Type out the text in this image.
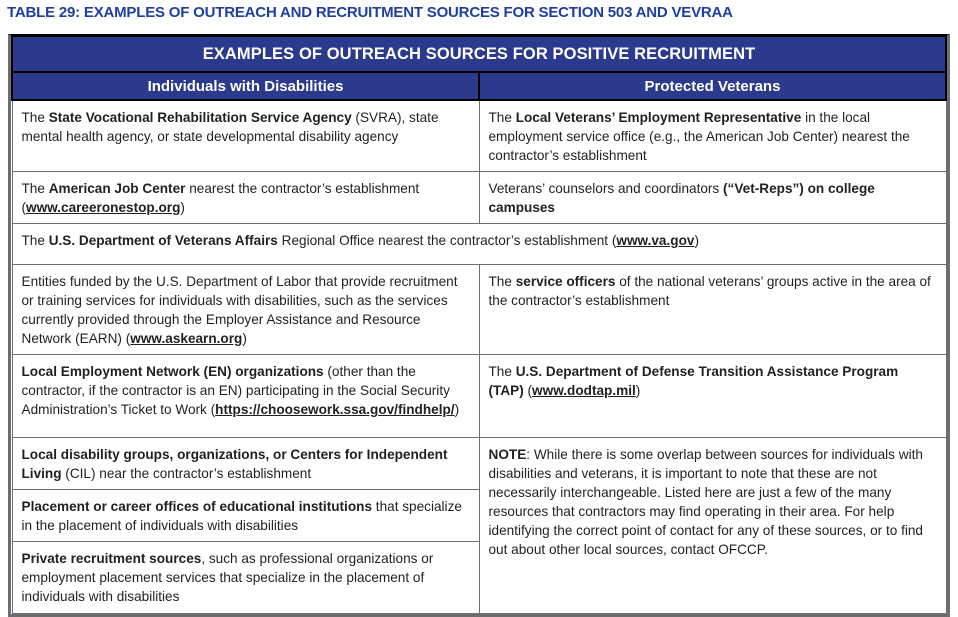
TABLE 29: EXAMPLES OF OUTREACH AND RECRUITMENT SOURCES FOR SECTION 503 AND VEVRAA
EXAMPLES OF OUTREACH SOURCES FOR POSITIVE RECRUITMENT	
Individuals with Disabilities	Protected Veterans
The State Vocational Rehabilitation Service Agency (SVRA), state mental health agency, or state developmental disability agency	The Local Veterans’ Employment Representative in the local employment service office (e.g., the American Job Center) nearest the contractor’s establishment
The American Job Center nearest the contractor’s establishment (www.careeronestop.org)	Veterans’ counselors and coordinators (“Vet-Reps”) on college campuses
The U.S. Department of Veterans Affairs Regional Office nearest the contractor’s establishment (www.va.gov)	
Entities funded by the U.S. Department of Labor that provide recruitment or training services for individuals with disabilities, such as the services currently provided through the Employer Assistance and Resource Network (EARN) (www.askearn.org)	The service officers of the national veterans’ groups active in the area of the contractor’s establishment
Local Employment Network (EN) organizations (other than the contractor, if the contractor is an EN) participating in the Social Security Administration’s Ticket to Work (https://choosework.ssa.gov/findhelp/)	The U.S. Department of Defense Transition Assistance Program (TAP) (www.dodtap.mil)
Local disability groups, organizations, or Centers for Independent Living (CIL) near the contractor’s establishment	NOTE: While there is some overlap between sources for individuals with disabilities and veterans, it is important to note that these are not necessarily interchangeable. Listed here are just a few of the many resources that contractors may find operating in their area. For help identifying the correct point of contact for any of these sources, or to find out about other local sources, contact OFCCP.
Placement or career offices of educational institutions that specialize in the placement of individuals with disabilities	
Private recruitment sources, such as professional organizations or employment placement services that specialize in the placement of individuals with disabilities	
